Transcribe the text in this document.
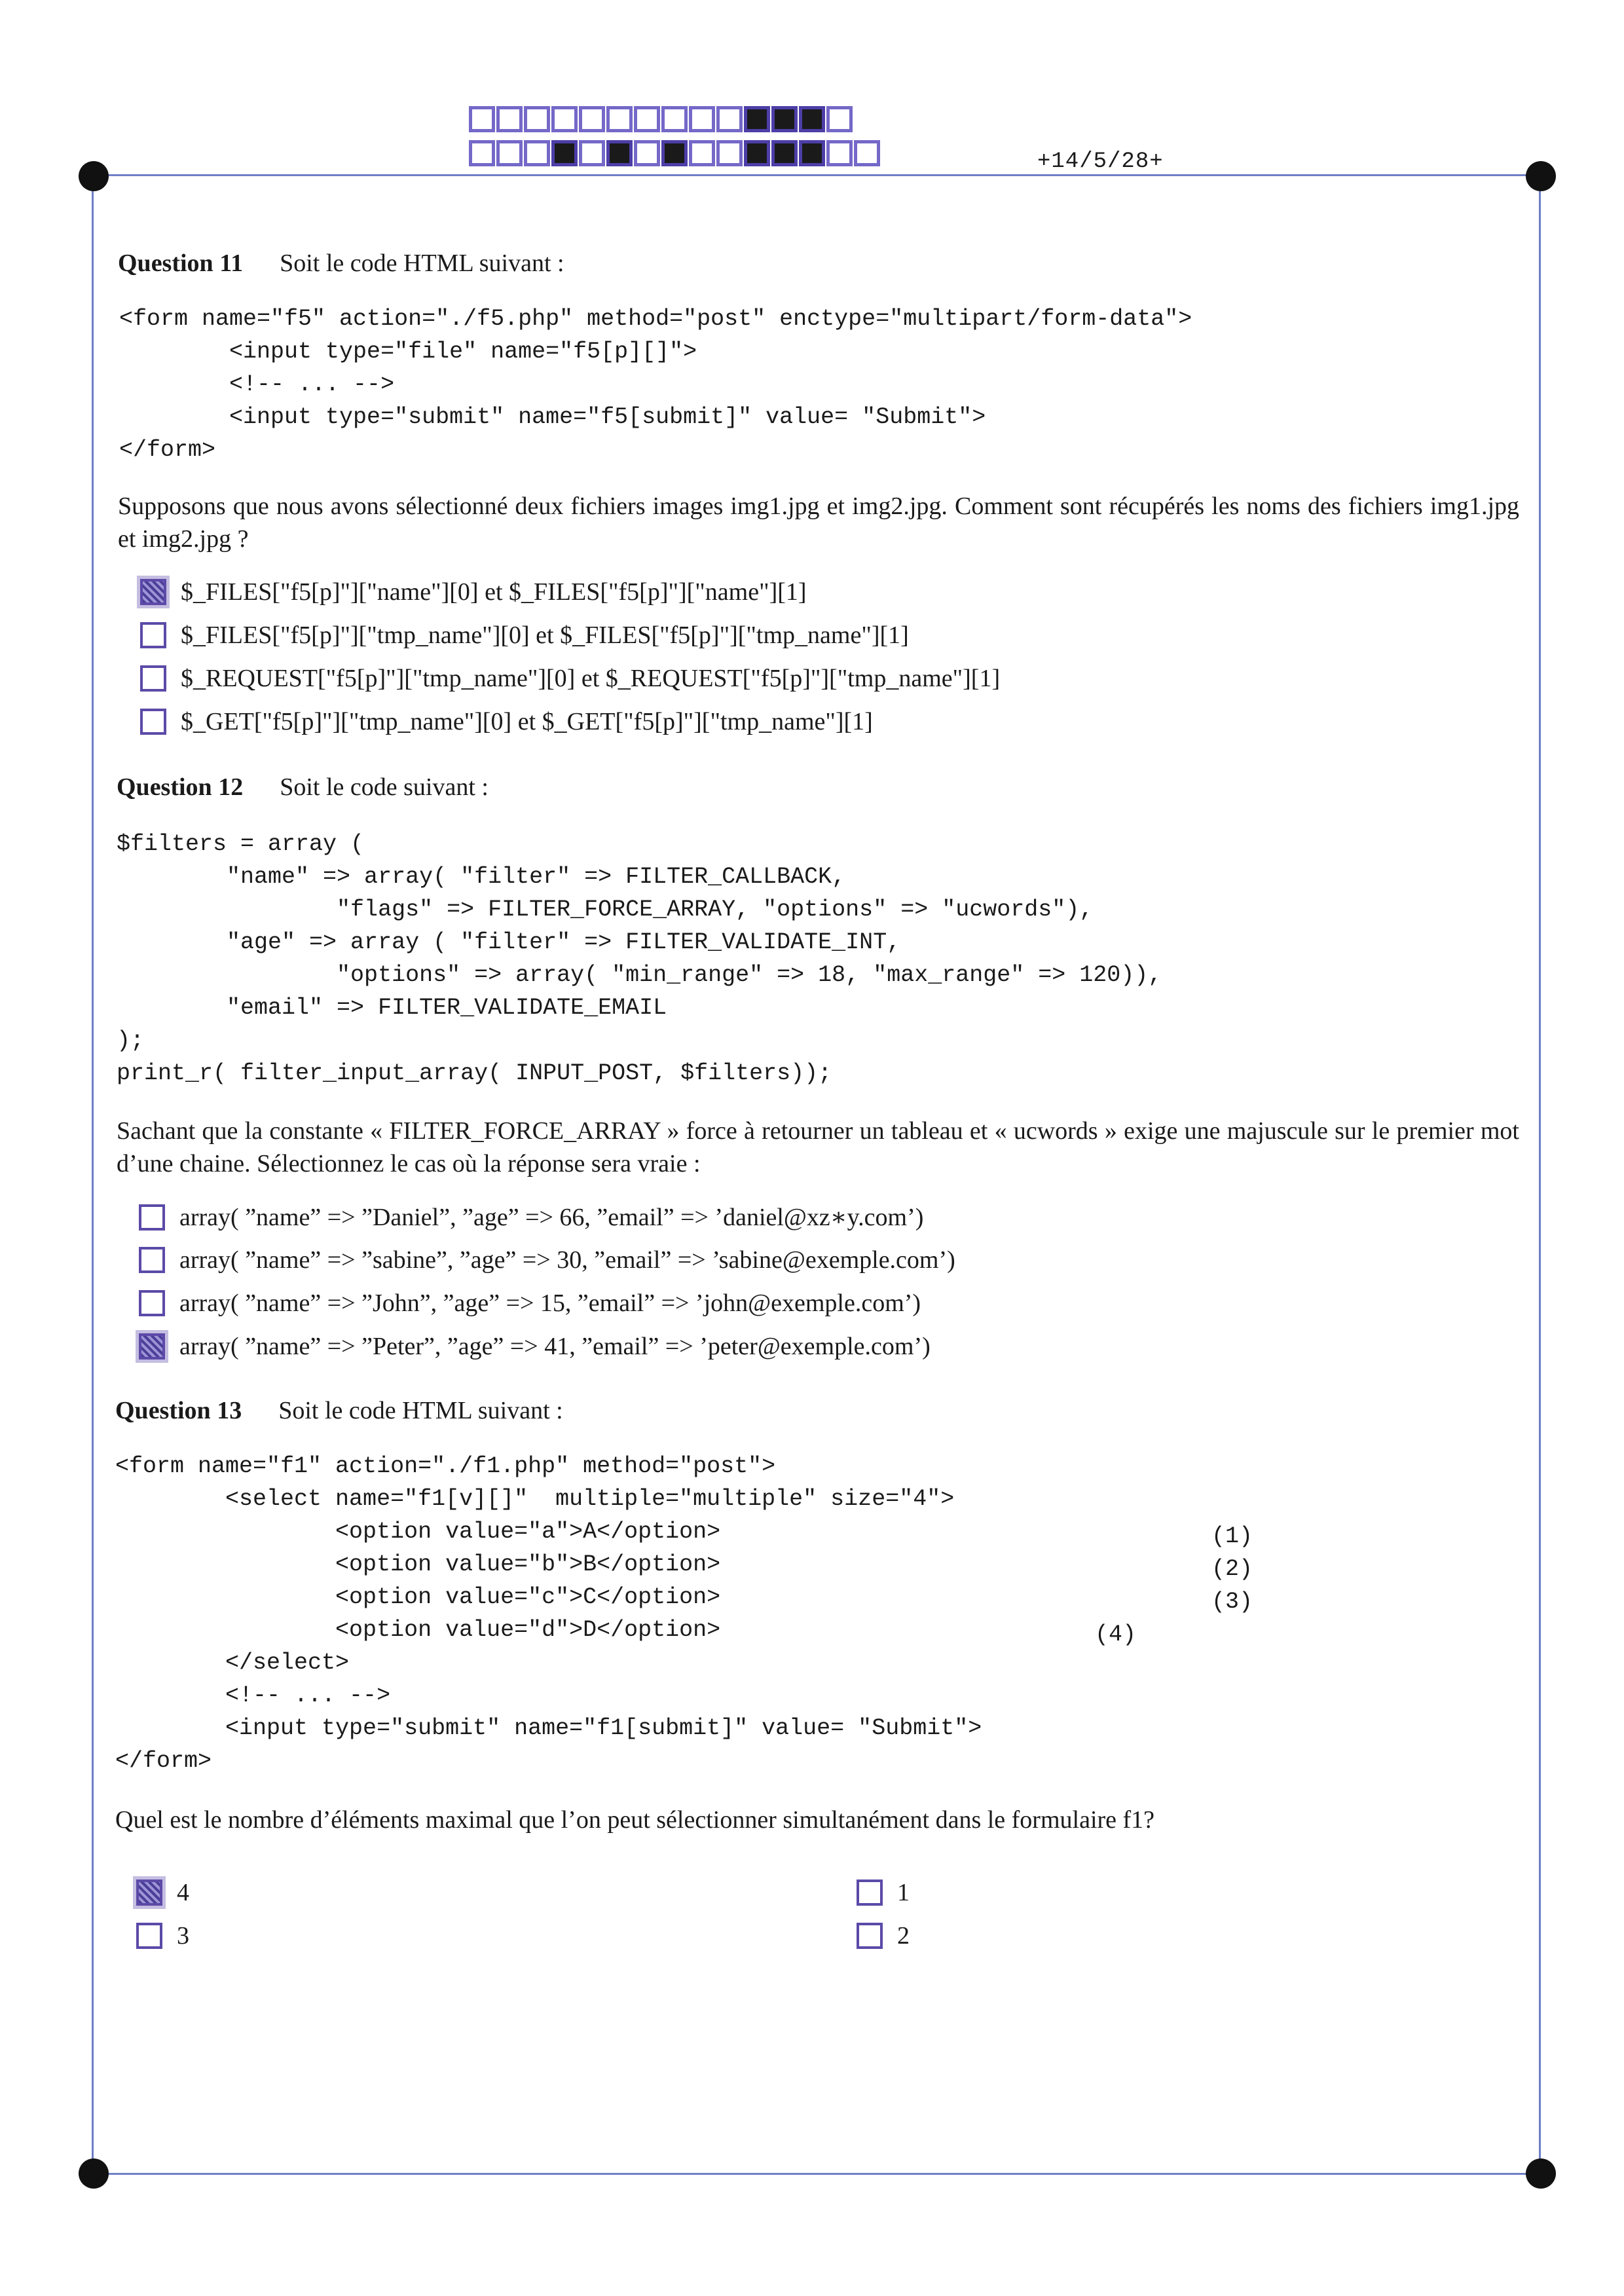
+14/5/28+
Question 11 Soit le code HTML suivant :
<form name="f5" action="./f5.php" method="post" enctype="multipart/form-data">
<input type="file" name="f5[p][]">
<!-- ... -->
<input type="submit" name="f5[submit]" value= "Submit">
</form>
Supposons que nous avons sélectionné deux fichiers images img1.jpg et img2.jpg. Comment sont récupérés les noms des fichiers img1.jpg et img2.jpg ?
$_FILES["f5[p]"]["name"][0] et $_FILES["f5[p]"]["name"][1]
$_FILES["f5[p]"]["tmp_name"][0] et $_FILES["f5[p]"]["tmp_name"][1]
$_REQUEST["f5[p]"]["tmp_name"][0] et $_REQUEST["f5[p]"]["tmp_name"][1]
$_GET["f5[p]"]["tmp_name"][0] et $_GET["f5[p]"]["tmp_name"][1]
Question 12 Soit le code suivant :
$filters = array (
"name" => array( "filter" => FILTER_CALLBACK,
"flags" => FILTER_FORCE_ARRAY, "options" => "ucwords"),
"age" => array ( "filter" => FILTER_VALIDATE_INT,
"options" => array( "min_range" => 18, "max_range" => 120)),
"email" => FILTER_VALIDATE_EMAIL
);
print_r( filter_input_array( INPUT_POST, $filters));
Sachant que la constante « FILTER_FORCE_ARRAY » force à retourner un tableau et « ucwords » exige une majuscule sur le premier mot d’une chaine. Sélectionnez le cas où la réponse sera vraie :
array( ”name” => ”Daniel”, ”age” => 66, ”email” => ’daniel@xz∗y.com’)
array( ”name” => ”sabine”, ”age” => 30, ”email” => ’sabine@exemple.com’)
array( ”name” => ”John”, ”age” => 15, ”email” => ’john@exemple.com’)
array( ”name” => ”Peter”, ”age” => 41, ”email” => ’peter@exemple.com’)
Question 13 Soit le code HTML suivant :
<form name="f1" action="./f1.php" method="post">
<select name="f1[v][]"  multiple="multiple" size="4">
<option value="a">A</option>
<option value="b">B</option>
<option value="c">C</option>
<option value="d">D</option>
</select>
<!-- ... -->
<input type="submit" name="f1[submit]" value= "Submit">
</form>
(1)
(2)
(3)
(4)
Quel est le nombre d’éléments maximal que l’on peut sélectionner simultanément dans le formulaire f1?
4	1
3	2
